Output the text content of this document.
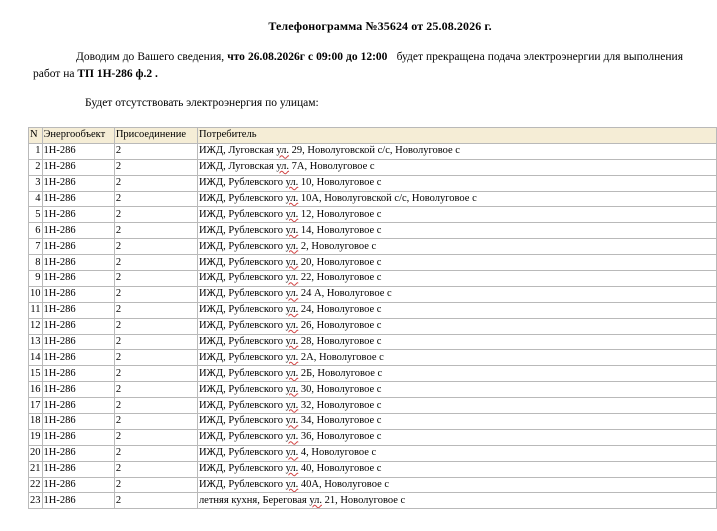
Телефонограмма №35624 от 25.08.2026 г.
Доводим до Вашего сведения, что 26.08.2026г с 09:00 до 12:00   будет прекращена подача электроэнергии для выполнения работ на ТП 1Н-286 ф.2 .
Будет отсутствовать электроэнергия по улицам:
N	Энергообъект	Присоединение	Потребитель
1	1Н-286	2	ИЖД, Луговская ул. 29, Новолуговской с/с, Новолуговое с
2	1Н-286	2	ИЖД, Луговская ул. 7А, Новолуговое с
3	1Н-286	2	ИЖД, Рублевского ул. 10, Новолуговое с
4	1Н-286	2	ИЖД, Рублевского ул. 10А, Новолуговской с/с, Новолуговое с
5	1Н-286	2	ИЖД, Рублевского ул. 12, Новолуговое с
6	1Н-286	2	ИЖД, Рублевского ул. 14, Новолуговое с
7	1Н-286	2	ИЖД, Рублевского ул. 2, Новолуговое с
8	1Н-286	2	ИЖД, Рублевского ул. 20, Новолуговое с
9	1Н-286	2	ИЖД, Рублевского ул. 22, Новолуговое с
10	1Н-286	2	ИЖД, Рублевского ул. 24 А, Новолуговое с
11	1Н-286	2	ИЖД, Рублевского ул. 24, Новолуговое с
12	1Н-286	2	ИЖД, Рублевского ул. 26, Новолуговое с
13	1Н-286	2	ИЖД, Рублевского ул. 28, Новолуговое с
14	1Н-286	2	ИЖД, Рублевского ул. 2А, Новолуговое с
15	1Н-286	2	ИЖД, Рублевского ул. 2Б, Новолуговое с
16	1Н-286	2	ИЖД, Рублевского ул. 30, Новолуговое с
17	1Н-286	2	ИЖД, Рублевского ул. 32, Новолуговое с
18	1Н-286	2	ИЖД, Рублевского ул. 34, Новолуговое с
19	1Н-286	2	ИЖД, Рублевского ул. 36, Новолуговое с
20	1Н-286	2	ИЖД, Рублевского ул. 4, Новолуговое с
21	1Н-286	2	ИЖД, Рублевского ул. 40, Новолуговое с
22	1Н-286	2	ИЖД, Рублевского ул. 40А, Новолуговое с
23	1Н-286	2	летняя кухня, Береговая ул. 21, Новолуговое с
